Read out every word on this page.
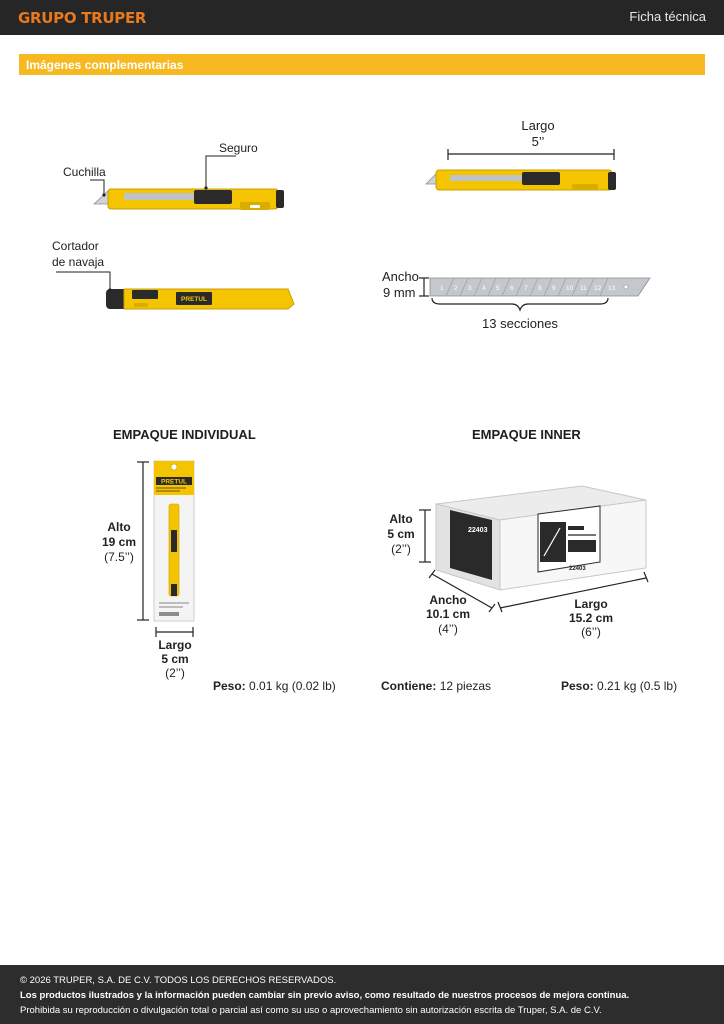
GRUPO TRUPER	Ficha técnica
Imágenes complementarias
Cuchilla
Seguro
PRETUL
Cortador
de navaja
Largo
5’’
Ancho
9 mm	1 2 3 4 5 6 7 8 9 10 11 12 13
13 secciones
EMPAQUE INDIVIDUAL
Alto
19 cm
(7.5’’)
PRETUL
Largo
5 cm
(2’’)
Peso: 0.01 kg (0.02 lb)
EMPAQUE INNER
Alto
5 cm
(2’’)
22403
22403
Ancho
10.1 cm
(4’’)
Largo
15.2 cm
(6’’)
Contiene: 12 piezas	Peso: 0.21 kg (0.5 lb)
© 2026 TRUPER, S.A. DE C.V. TODOS LOS DERECHOS RESERVADOS.
Los productos ilustrados y la información pueden cambiar sin previo aviso, como resultado de nuestros procesos de mejora continua.
Prohibida su reproducción o divulgación total o parcial así como su uso o aprovechamiento sin autorización escrita de Truper, S.A. de C.V.
